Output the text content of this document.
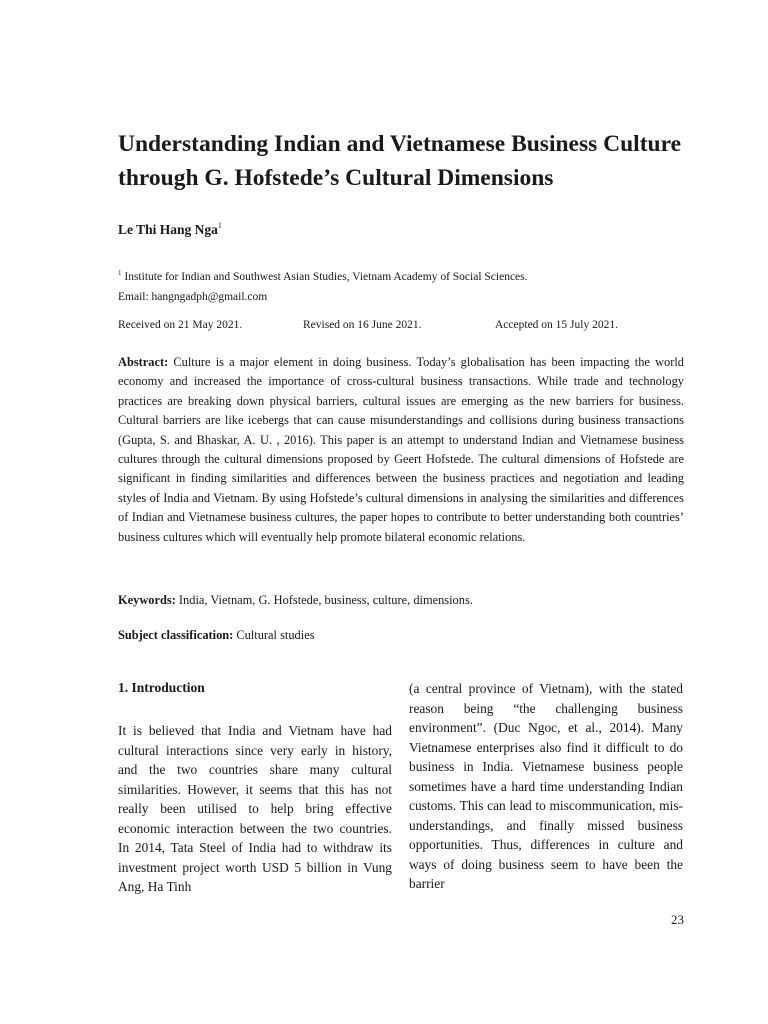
Understanding Indian and Vietnamese Business Culture through G. Hofstede’s Cultural Dimensions
Le Thi Hang Nga$^1$
$^1$ Institute for Indian and Southwest Asian Studies, Vietnam Academy of Social Sciences.
Email: hangngadph@gmail.com
Received on 21 May 2021.	Revised on 16 June 2021.	Accepted on 15 July 2021.

Abstract: Culture is a major element in doing business. Today’s globalisation has been impacting the world economy and increased the importance of cross-cultural business transactions. While trade and technology practices are breaking down physical barriers, cultural issues are emerging as the new barriers for business. Cultural barriers are like icebergs that can cause misunderstandings and collisions during business transactions (Gupta, S. and Bhaskar, A. U. , 2016). This paper is an attempt to understand Indian and Vietnamese business cultures through the cultural dimensions proposed by Geert Hofstede. The cultural dimensions of Hofstede are significant in finding similarities and differences between the business practices and negotiation and leading styles of India and Vietnam. By using Hofstede’s cultural dimensions in analysing the similarities and differences of Indian and Vietnamese business cultures, the paper hopes to contribute to better understanding both countries’ business cultures which will eventually help promote bilateral economic relations.

Keywords: India, Vietnam, G. Hofstede, business, culture, dimensions.

Subject classification: Cultural studies

1. Introduction

It is believed that India and Vietnam have had cultural interactions since very early in history, and the two countries share many cultural similarities. However, it seems that this has not really been utilised to help bring effective economic interaction between the two countries. In 2014, Tata Steel of India had to withdraw its investment project worth USD 5 billion in Vung Ang, Ha Tinh

(a central province of Vietnam), with the stated reason being “the challenging business environment”. (Duc Ngoc, et al., 2014). Many Vietnamese enterprises also find it difficult to do business in India. Vietnamese business people sometimes have a hard time understanding Indian customs. This can lead to miscommunication, mis-understandings, and finally missed business opportunities. Thus, differences in culture and ways of doing business seem to have been the barrier

23
